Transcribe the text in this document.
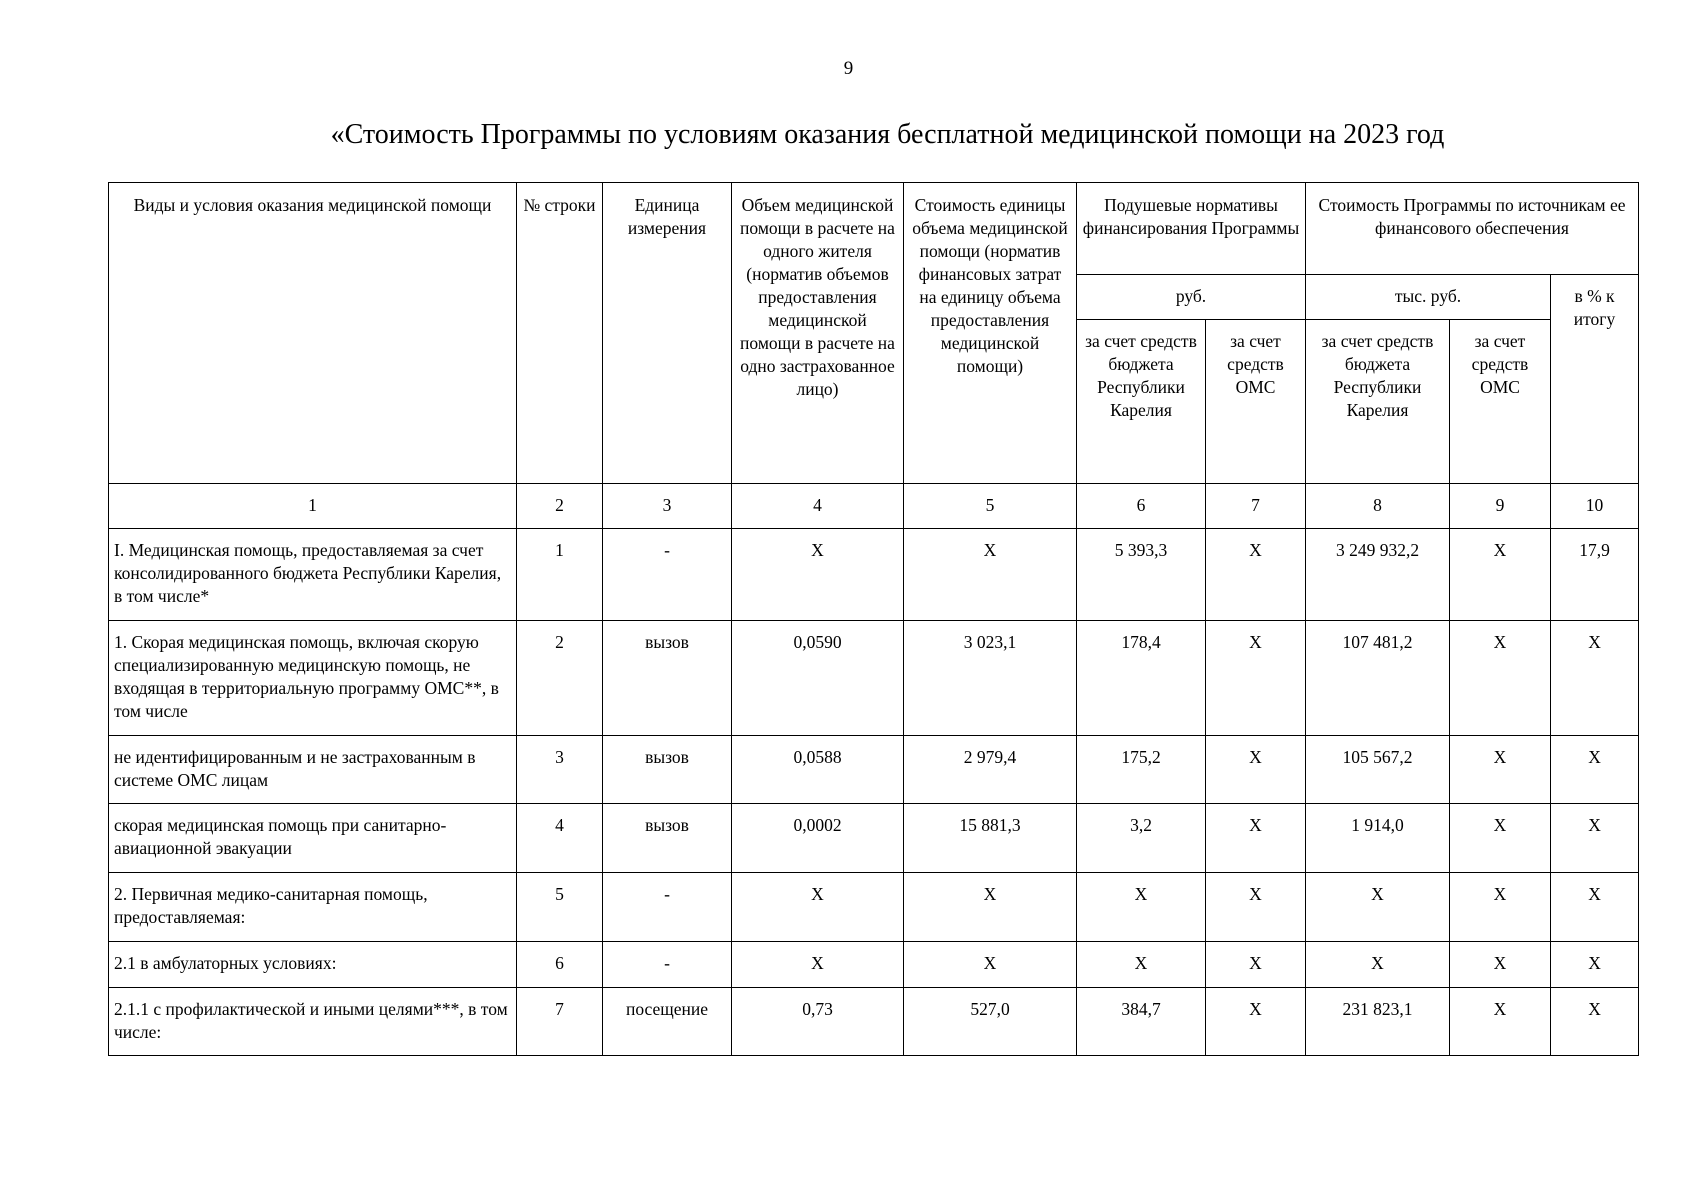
9
«Стоимость Программы по условиям оказания бесплатной медицинской помощи на 2023 год
Виды и условия оказания медицинской помощи	№ строки	Единица измерения	Объем медицинской помощи в расчете на одного жителя (норматив объемов предоставления медицинской помощи в расчете на одно застрахованное лицо)	Стоимость единицы объема медицинской помощи (норматив финансовых затрат на единицу объема предоставления медицинской помощи)	Подушевые нормативы финансирования Программы		Стоимость Программы по источникам ее финансового обеспечения		
					руб.		тыс. руб.		в % к итогу
					за счет средств бюджета Республики Карелия	за счет средств ОМС	за счет средств бюджета Республики Карелия	за счет средств ОМС	
1	2	3	4	5	6	7	8	9	10
I. Медицинская помощь, предоставляемая за счет консолидированного бюджета Республики Карелия, в том числе*	1	-	Х	Х	5 393,3	Х	3 249 932,2	Х	17,9
1. Скорая медицинская помощь, включая скорую специализированную медицинскую помощь, не входящая в территориальную программу ОМС**, в том числе	2	вызов	0,0590	3 023,1	178,4	Х	107 481,2	Х	Х
не идентифицированным и не застрахованным в системе ОМС лицам	3	вызов	0,0588	2 979,4	175,2	Х	105 567,2	Х	Х
скорая медицинская помощь при санитарно-авиационной эвакуации	4	вызов	0,0002	15 881,3	3,2	Х	1 914,0	Х	Х
2. Первичная медико-санитарная помощь, предоставляемая:	5	-	Х	Х	Х	Х	Х	Х	Х
2.1 в амбулаторных условиях:	6	-	Х	Х	Х	Х	Х	Х	Х
2.1.1 с профилактической и иными целями***, в том числе:	7	посещение	0,73	527,0	384,7	Х	231 823,1	Х	Х
